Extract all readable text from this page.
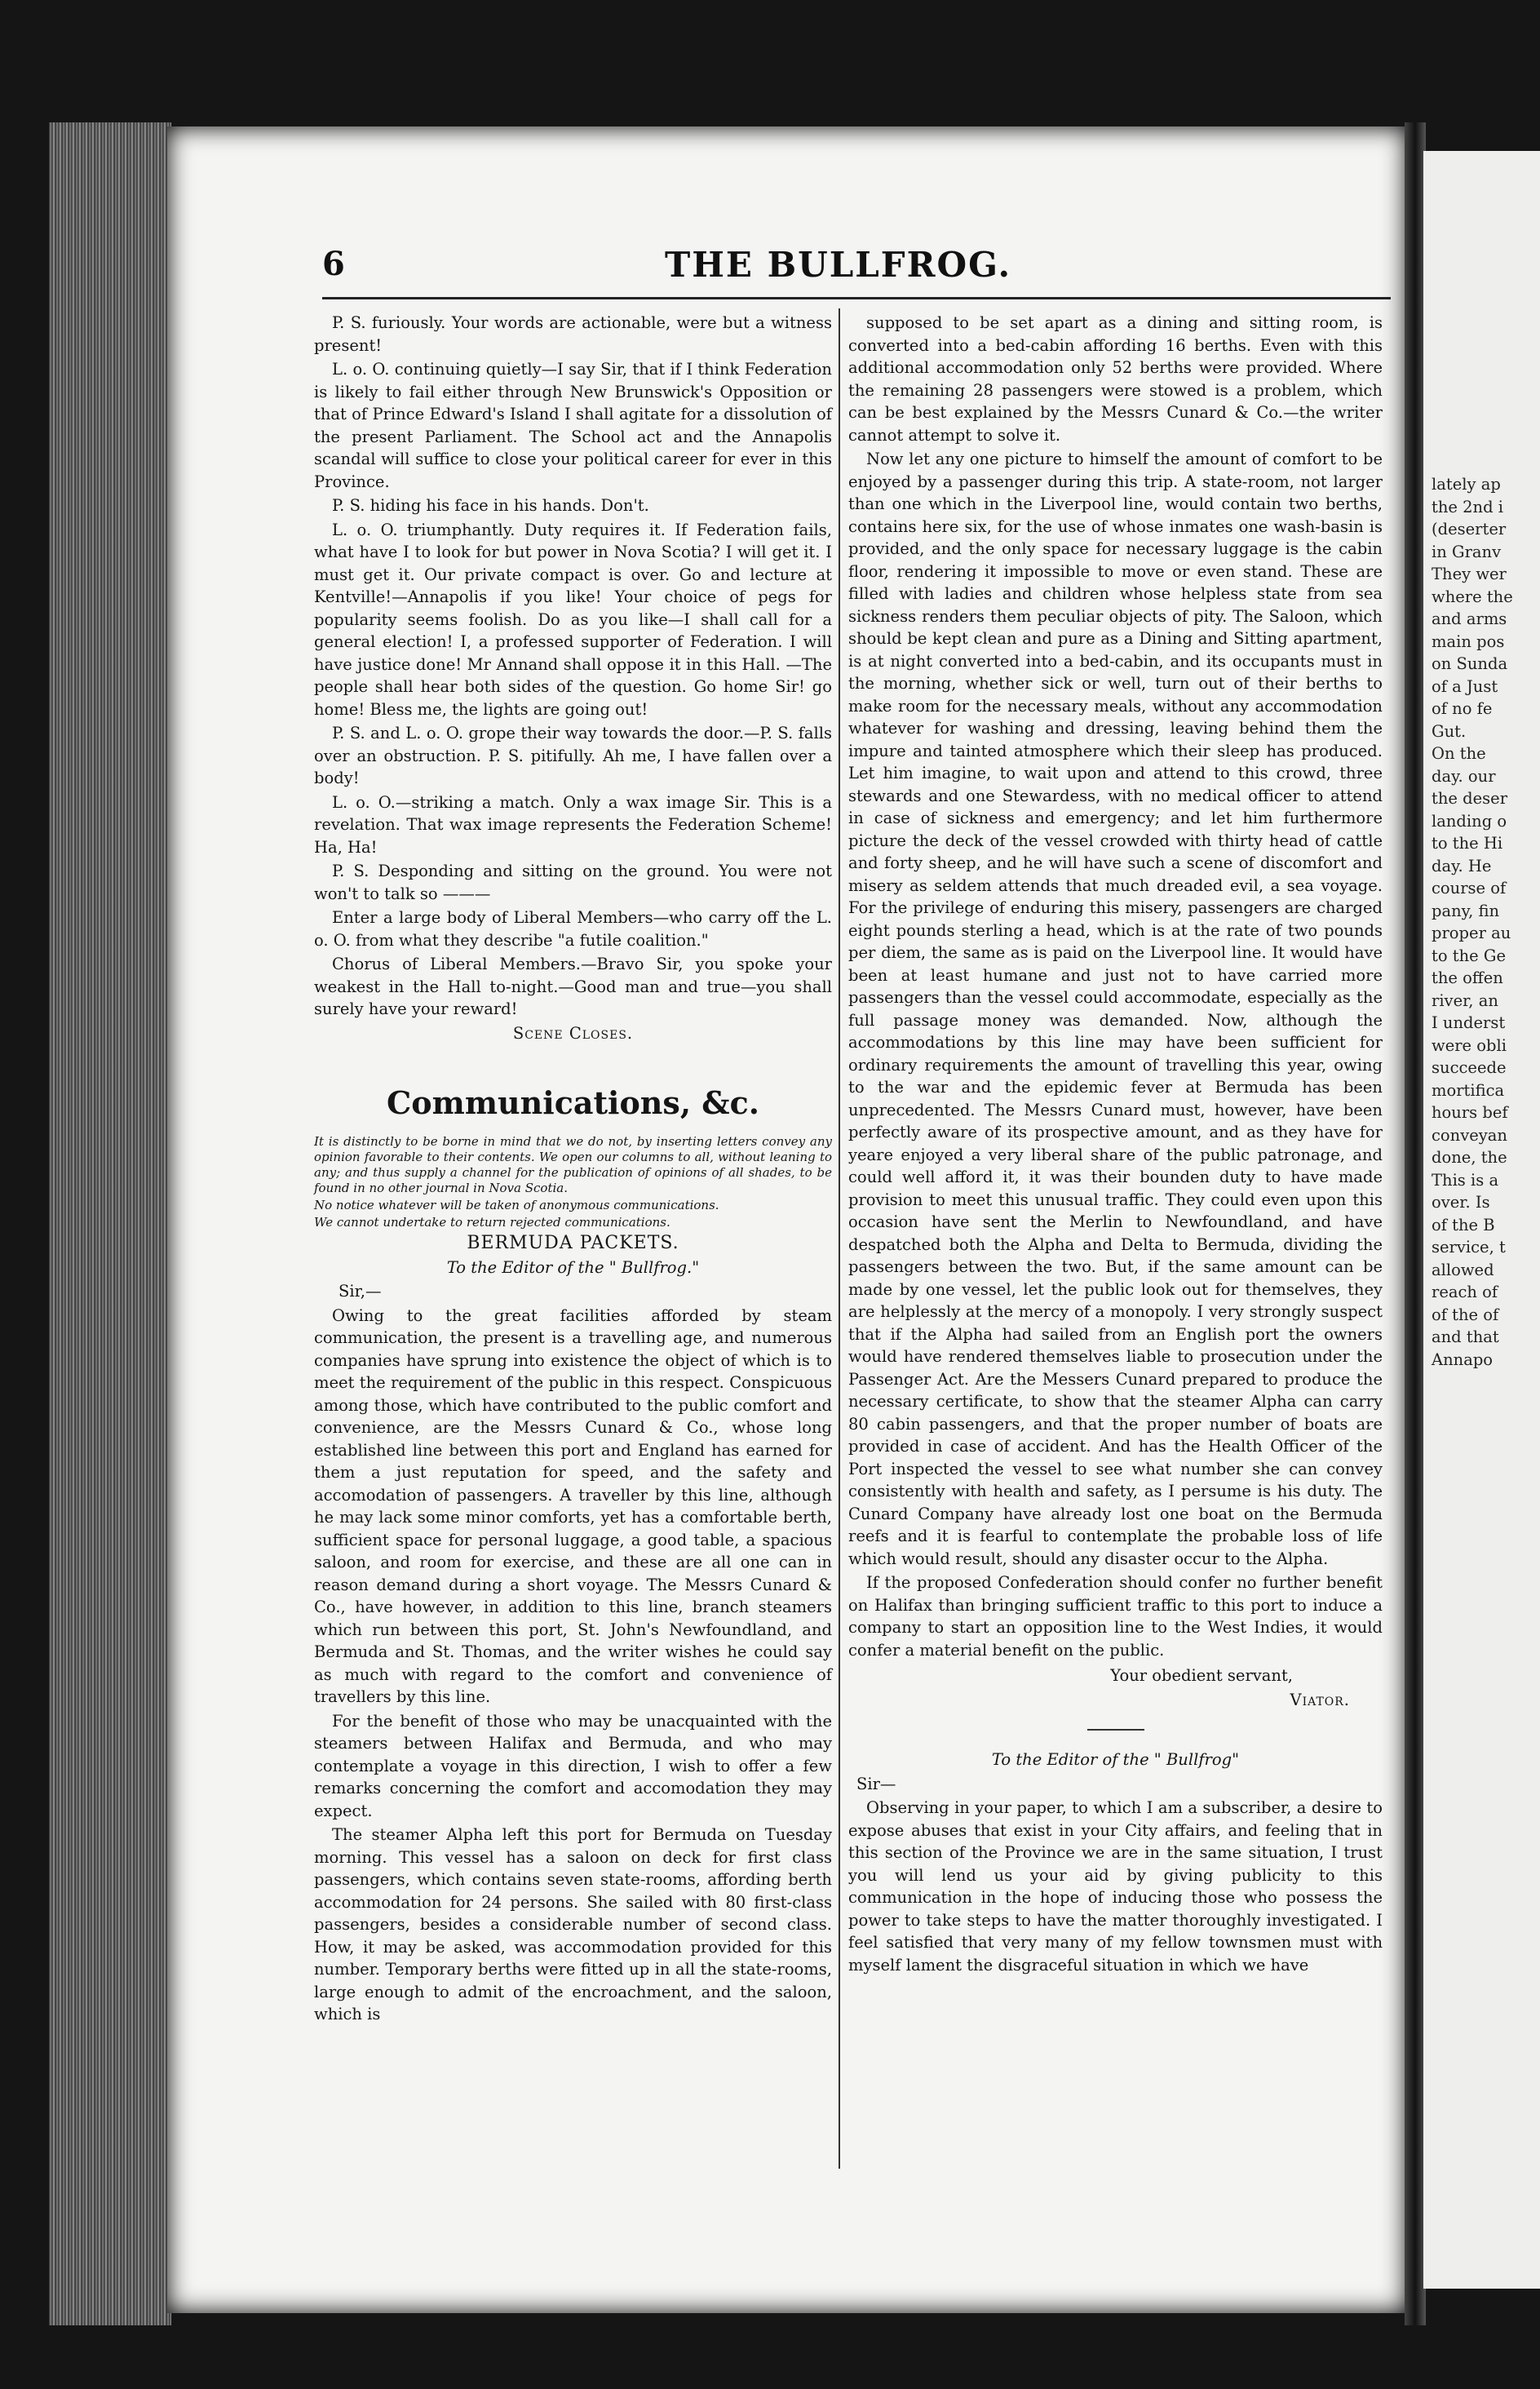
lately ap

the 2nd i

(deserter

in Granv

They wer

where the

and arms

main pos

on Sunda

of a Just

of no fe

Gut.

On the

day. our

the deser

landing o

to the Hi

day. He

course of

pany, fin

proper au

to the Ge

the offen

river, an

I underst

were obli

succeede

mortifica

hours bef

conveyan

done, the

This is a

over. Is

of the B

service, t

allowed

reach of

of the of

and that

Annapo

6	THE BULLFROG.

P. S. furiously. Your words are actionable, were but a witness present!

L. o. O. continuing quietly—I say Sir, that if I think Federation is likely to fail either through New Brunswick's Opposition or that of Prince Edward's Island I shall agitate for a dissolution of the present Parliament. The School act and the Annapolis scandal will suffice to close your political career for ever in this Province.

P. S. hiding his face in his hands. Don't.

L. o. O. triumphantly. Duty requires it. If Federation fails, what have I to look for but power in Nova Scotia? I will get it. I must get it. Our private compact is over. Go and lecture at Kentville!—Annapolis if you like! Your choice of pegs for popularity seems foolish. Do as you like—I shall call for a general election! I, a professed supporter of Federation. I will have justice done! Mr Annand shall oppose it in this Hall. —The people shall hear both sides of the question. Go home Sir! go home! Bless me, the lights are going out!

P. S. and L. o. O. grope their way towards the door.—P. S. falls over an obstruction. P. S. pitifully. Ah me, I have fallen over a body!

L. o. O.—striking a match. Only a wax image Sir. This is a revelation. That wax image represents the Federation Scheme! Ha, Ha!

P. S. Desponding and sitting on the ground. You were not won't to talk so ———

Enter a large body of Liberal Members—who carry off the L. o. O. from what they describe "a futile coalition."

Chorus of Liberal Members.—Bravo Sir, you spoke your weakest in the Hall to-night.—Good man and true—you shall surely have your reward!

Scene Closes.

Communications, &c.

It is distinctly to be borne in mind that we do not, by inserting letters convey any opinion favorable to their contents. We open our columns to all, without leaning to any; and thus supply a channel for the publication of opinions of all shades, to be found in no other journal in Nova Scotia.

No notice whatever will be taken of anonymous communications.

We cannot undertake to return rejected communications.

BERMUDA PACKETS.

To the Editor of the " Bullfrog."

Sir,—

Owing to the great facilities afforded by steam communication, the present is a travelling age, and numerous companies have sprung into existence the object of which is to meet the requirement of the public in this respect. Conspicuous among those, which have contributed to the public comfort and convenience, are the Messrs Cunard & Co., whose long established line between this port and England has earned for them a just reputation for speed, and the safety and accomodation of passengers. A traveller by this line, although he may lack some minor comforts, yet has a comfortable berth, sufficient space for personal luggage, a good table, a spacious saloon, and room for exercise, and these are all one can in reason demand during a short voyage. The Messrs Cunard & Co., have however, in addition to this line, branch steamers which run between this port, St. John's Newfoundland, and Bermuda and St. Thomas, and the writer wishes he could say as much with regard to the comfort and convenience of travellers by this line.

For the benefit of those who may be unacquainted with the steamers between Halifax and Bermuda, and who may contemplate a voyage in this direction, I wish to offer a few remarks concerning the comfort and accomodation they may expect.

The steamer Alpha left this port for Bermuda on Tuesday morning. This vessel has a saloon on deck for first class passengers, which contains seven state-rooms, affording berth accommodation for 24 persons. She sailed with 80 first-class passengers, besides a considerable number of second class. How, it may be asked, was accommodation provided for this number. Temporary berths were fitted up in all the state-rooms, large enough to admit of the encroachment, and the saloon, which is

supposed to be set apart as a dining and sitting room, is converted into a bed-cabin affording 16 berths. Even with this additional accommodation only 52 berths were provided. Where the remaining 28 passengers were stowed is a problem, which can be best explained by the Messrs Cunard & Co.—the writer cannot attempt to solve it.

Now let any one picture to himself the amount of comfort to be enjoyed by a passenger during this trip. A state-room, not larger than one which in the Liverpool line, would contain two berths, contains here six, for the use of whose inmates one wash-basin is provided, and the only space for necessary luggage is the cabin floor, rendering it impossible to move or even stand. These are filled with ladies and children whose helpless state from sea sickness renders them peculiar objects of pity. The Saloon, which should be kept clean and pure as a Dining and Sitting apartment, is at night converted into a bed-cabin, and its occupants must in the morning, whether sick or well, turn out of their berths to make room for the necessary meals, without any accommodation whatever for washing and dressing, leaving behind them the impure and tainted atmosphere which their sleep has produced. Let him imagine, to wait upon and attend to this crowd, three stewards and one Stewardess, with no medical officer to attend in case of sickness and emergency; and let him furthermore picture the deck of the vessel crowded with thirty head of cattle and forty sheep, and he will have such a scene of discomfort and misery as seldem attends that much dreaded evil, a sea voyage. For the privilege of enduring this misery, passengers are charged eight pounds sterling a head, which is at the rate of two pounds per diem, the same as is paid on the Liverpool line. It would have been at least humane and just not to have carried more passengers than the vessel could accommodate, especially as the full passage money was demanded. Now, although the accommodations by this line may have been sufficient for ordinary requirements the amount of travelling this year, owing to the war and the epidemic fever at Bermuda has been unprecedented. The Messrs Cunard must, however, have been perfectly aware of its prospective amount, and as they have for yeare enjoyed a very liberal share of the public patronage, and could well afford it, it was their bounden duty to have made provision to meet this unusual traffic. They could even upon this occasion have sent the Merlin to Newfoundland, and have despatched both the Alpha and Delta to Bermuda, dividing the passengers between the two. But, if the same amount can be made by one vessel, let the public look out for themselves, they are helplessly at the mercy of a monopoly. I very strongly suspect that if the Alpha had sailed from an English port the owners would have rendered themselves liable to prosecution under the Passenger Act. Are the Messers Cunard prepared to produce the necessary certificate, to show that the steamer Alpha can carry 80 cabin passengers, and that the proper number of boats are provided in case of accident. And has the Health Officer of the Port inspected the vessel to see what number she can convey consistently with health and safety, as I persume is his duty. The Cunard Company have already lost one boat on the Bermuda reefs and it is fearful to contemplate the probable loss of life which would result, should any disaster occur to the Alpha.

If the proposed Confederation should confer no further benefit on Halifax than bringing sufficient traffic to this port to induce a company to start an opposition line to the West Indies, it would confer a material benefit on the public.

Your obedient servant,

Viator.

To the Editor of the " Bullfrog"

Sir—

Observing in your paper, to which I am a subscriber, a desire to expose abuses that exist in your City affairs, and feeling that in this section of the Province we are in the same situation, I trust you will lend us your aid by giving publicity to this communication in the hope of inducing those who possess the power to take steps to have the matter thoroughly investigated. I feel satisfied that very many of my fellow townsmen must with myself lament the disgraceful situation in which we have
